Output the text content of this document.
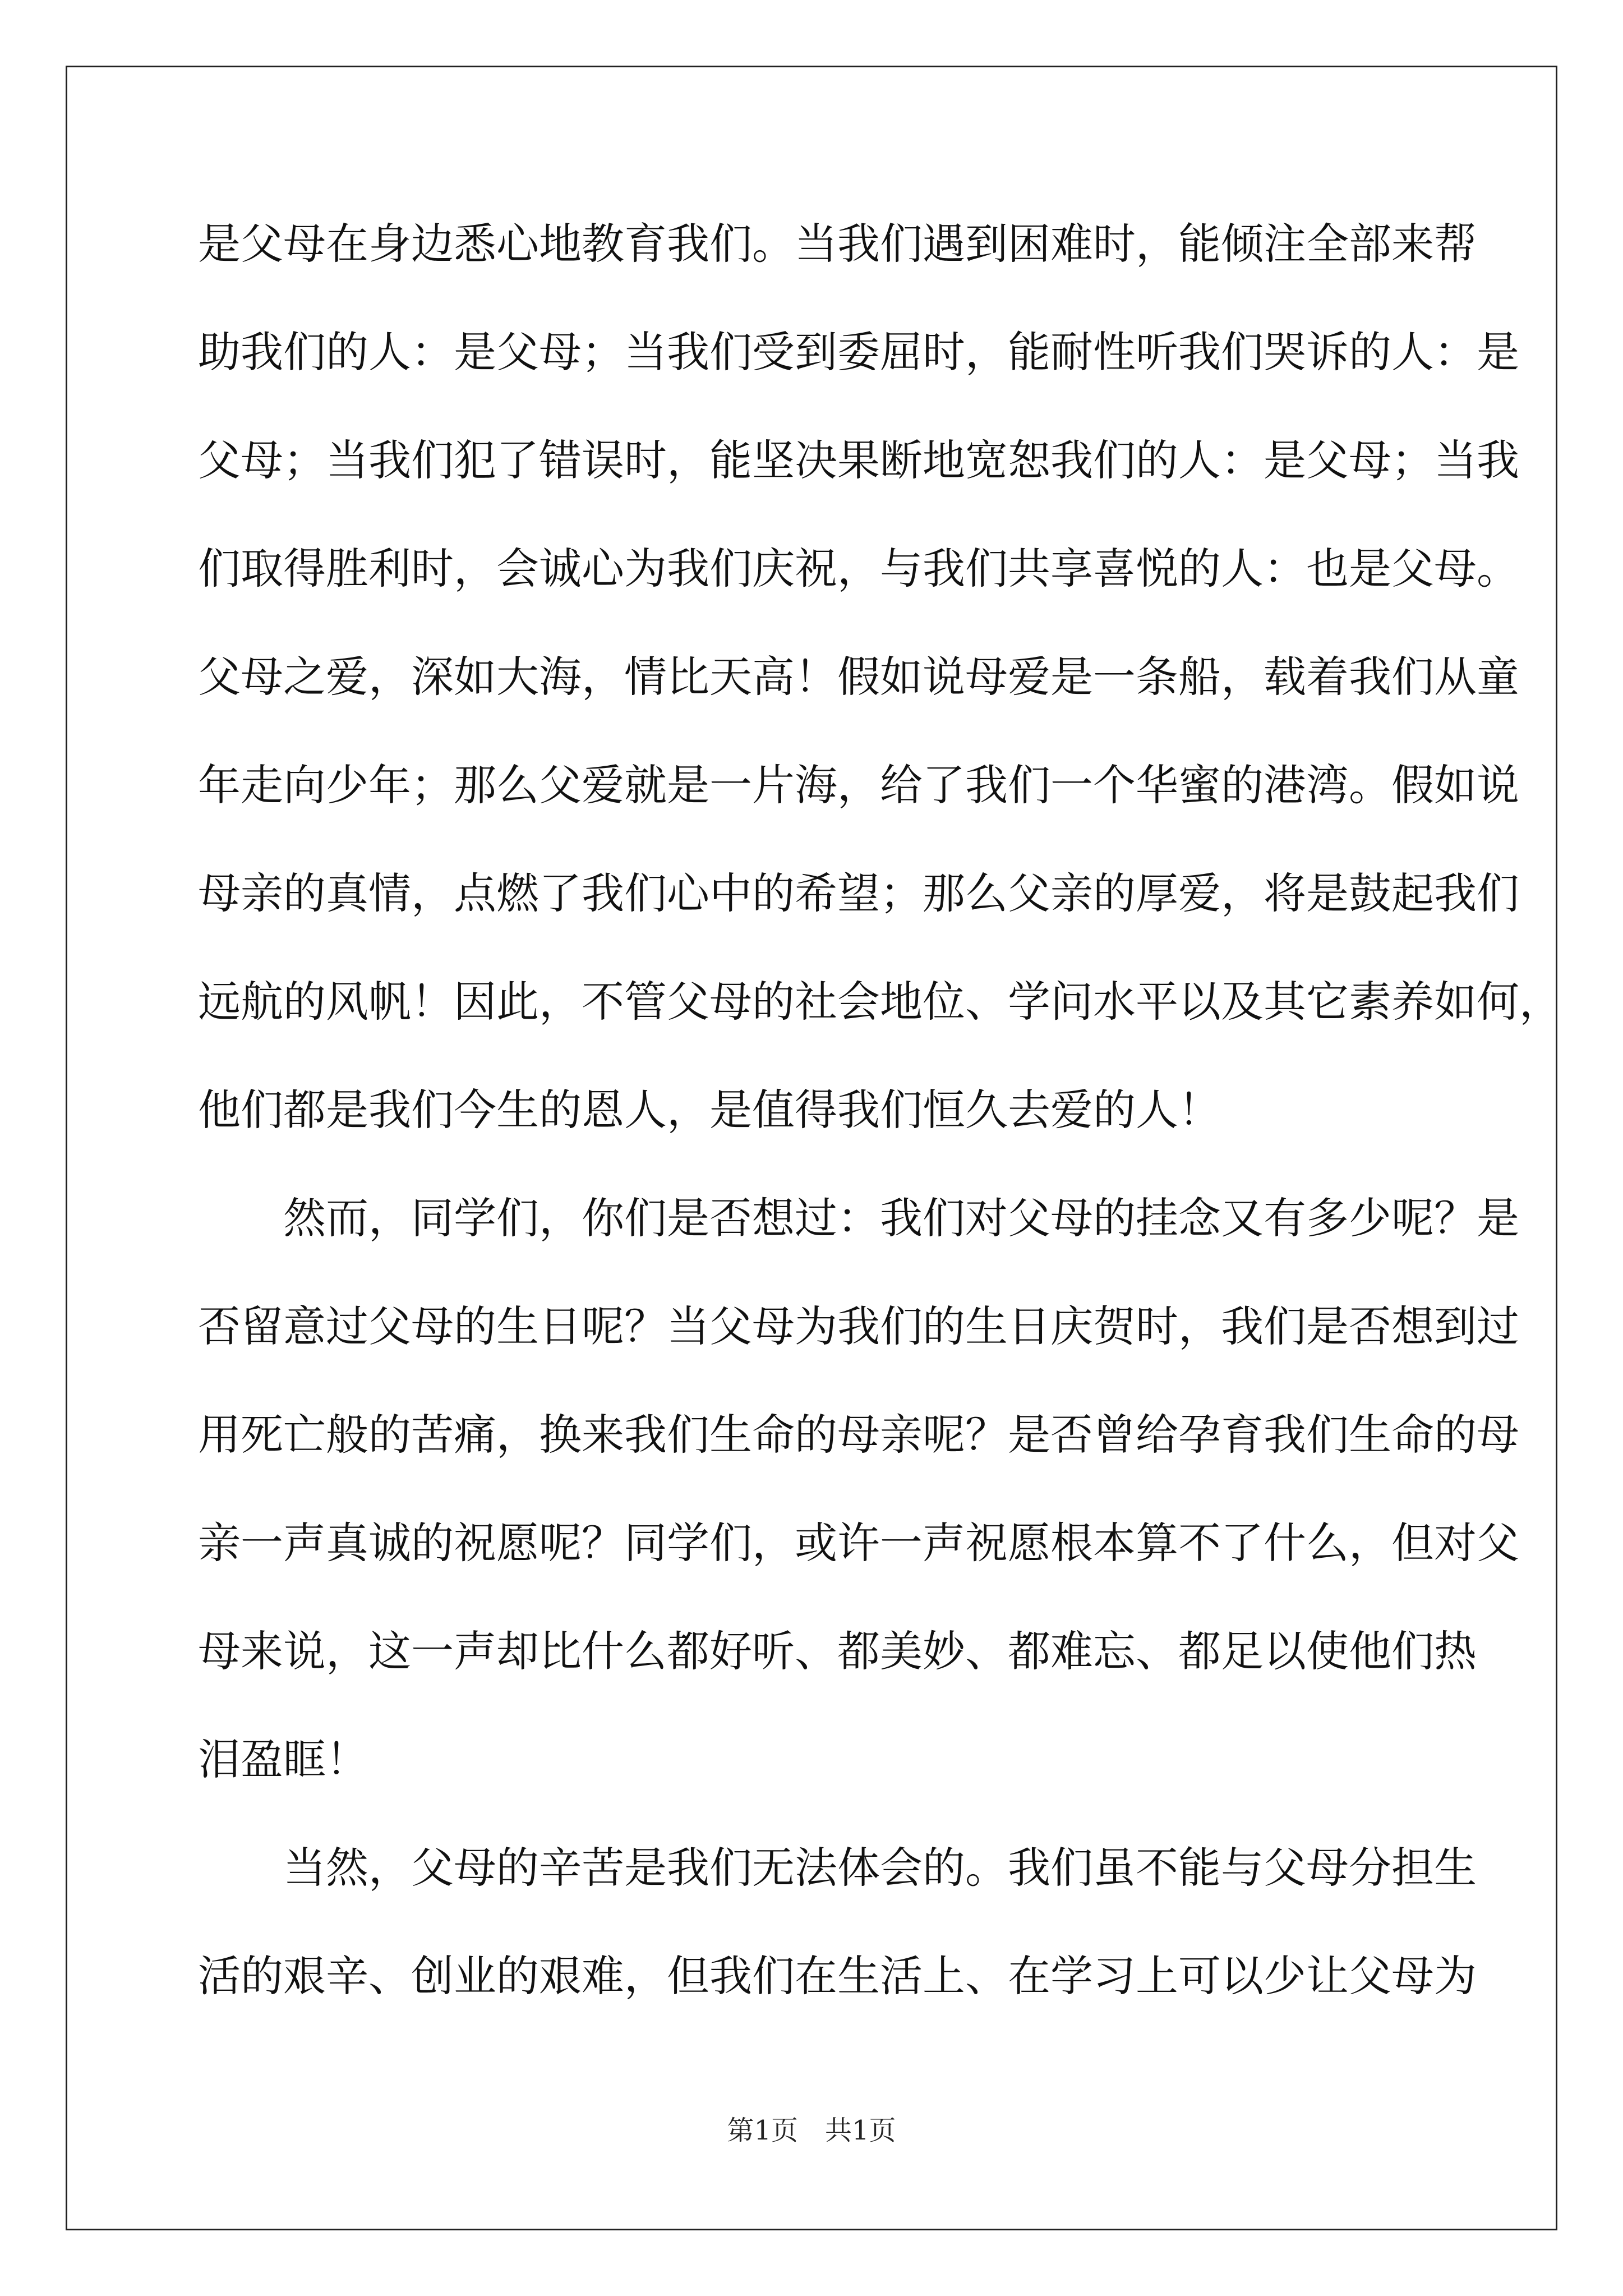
是父母在身边悉心地教育我们。当我们遇到困难时，能倾注全部来帮
助我们的人：是父母；当我们受到委屈时，能耐性听我们哭诉的人：是
父母；当我们犯了错误时，能坚决果断地宽恕我们的人：是父母；当我
们取得胜利时，会诚心为我们庆祝，与我们共享喜悦的人：也是父母。
父母之爱，深如大海，情比天高！假如说母爱是一条船，载着我们从童
年走向少年；那么父爱就是一片海，给了我们一个华蜜的港湾。假如说
母亲的真情，点燃了我们心中的希望；那么父亲的厚爱，将是鼓起我们
远航的风帆！因此，不管父母的社会地位、学问水平以及其它素养如何，
他们都是我们今生的恩人，是值得我们恒久去爱的人！
　　然而，同学们，你们是否想过：我们对父母的挂念又有多少呢？是
否留意过父母的生日呢？当父母为我们的生日庆贺时，我们是否想到过
用死亡般的苦痛，换来我们生命的母亲呢？是否曾给孕育我们生命的母
亲一声真诚的祝愿呢？同学们，或许一声祝愿根本算不了什么，但对父
母来说，这一声却比什么都好听、都美妙、都难忘、都足以使他们热
泪盈眶！
　　当然，父母的辛苦是我们无法体会的。我们虽不能与父母分担生
活的艰辛、创业的艰难，但我们在生活上、在学习上可以少让父母为
第1页　共1页
